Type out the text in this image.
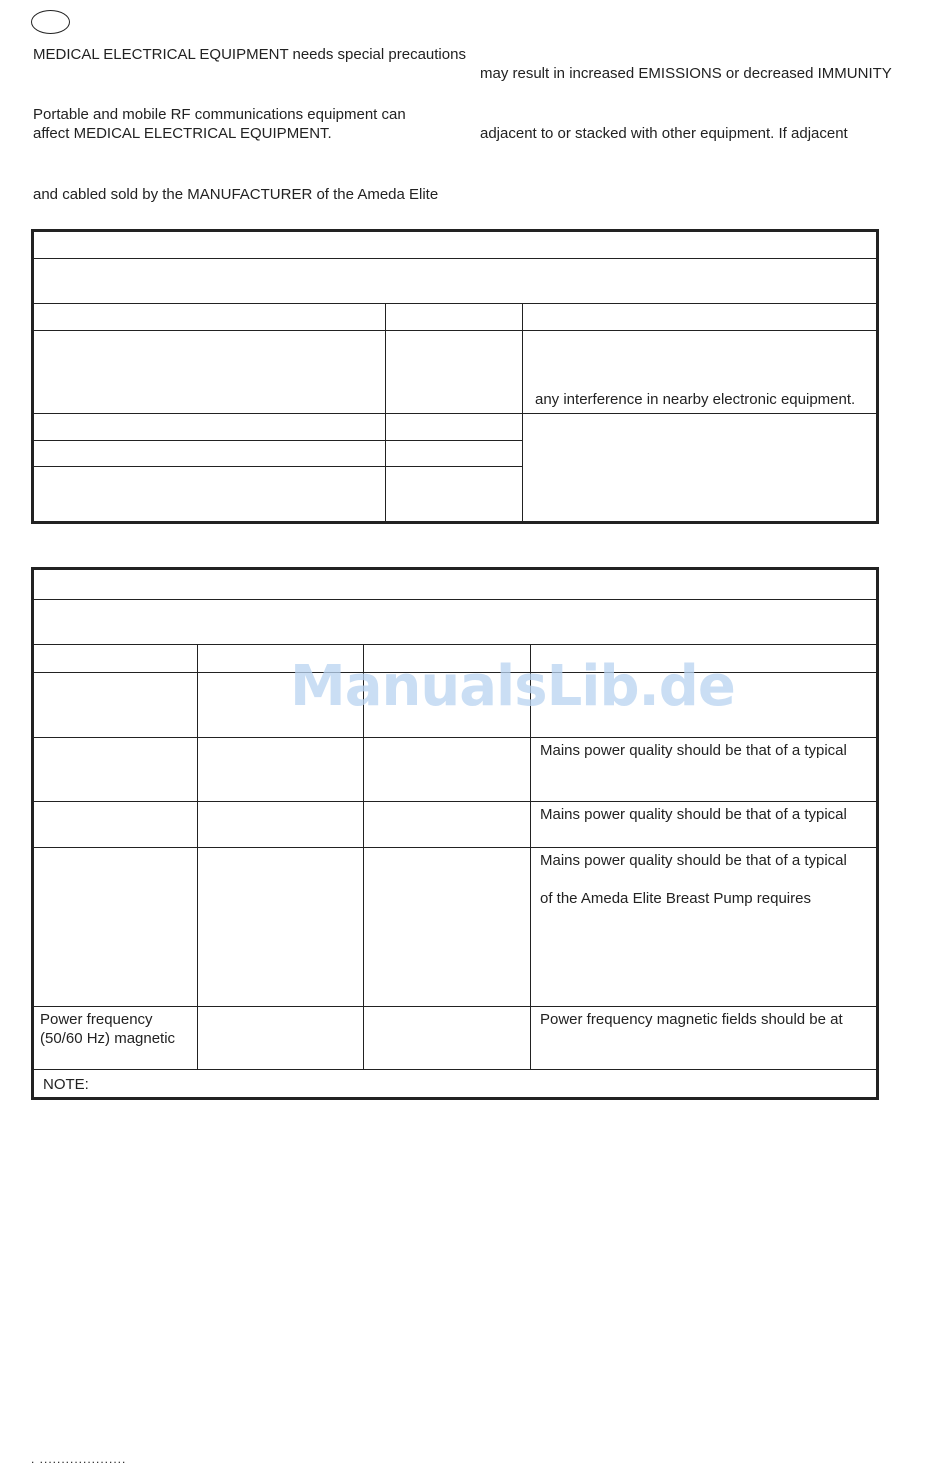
MEDICAL ELECTRICAL EQUIPMENT needs special precautions
Portable and mobile RF communications equipment can
affect MEDICAL ELECTRICAL EQUIPMENT.
and cabled sold by the MANUFACTURER of the Ameda Elite
may result in increased EMISSIONS or decreased IMMUNITY
adjacent to or stacked with other equipment. If adjacent
any interference in nearby electronic equipment.
Mains power quality should be that of a typical
Mains power quality should be that of a typical
Mains power quality should be that of a typical
of the Ameda Elite Breast Pump requires
Power frequency
(50/60 Hz) magnetic
Power frequency magnetic fields should be at
NOTE:
ManualsLib.de
. ....................
